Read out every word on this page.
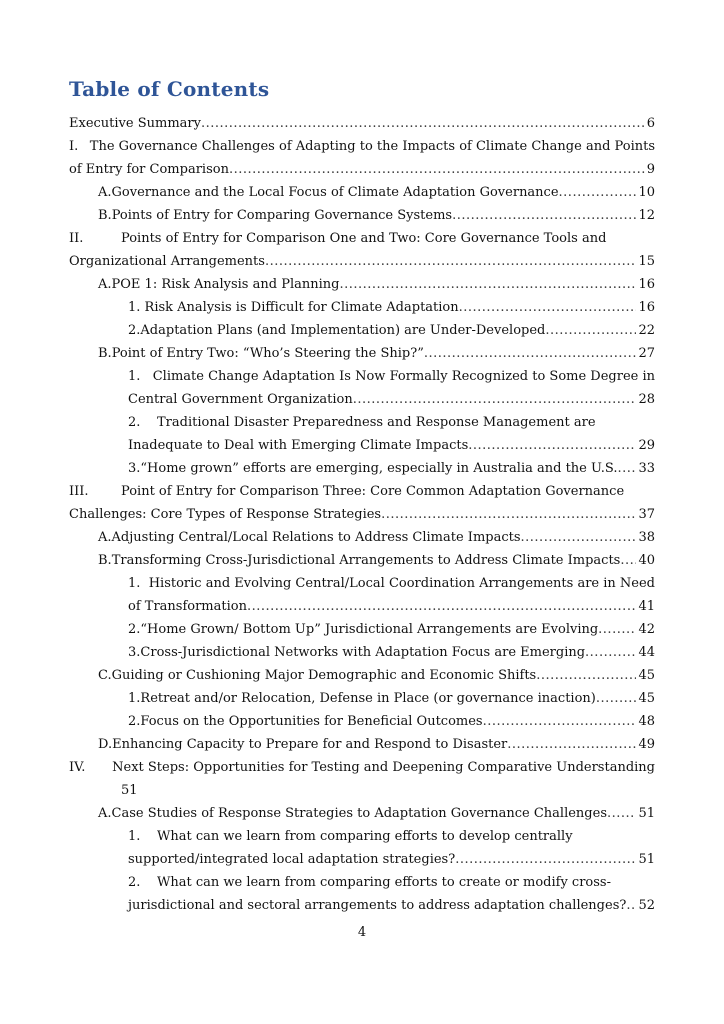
Table of Contents
Executive Summary .....	6
I. The Governance Challenges of Adapting to the Impacts of Climate Change and Points
of Entry for Comparison .....	9
A. Governance and the Local Focus of Climate Adaptation Governance .....	10
B. Points of Entry for Comparing Governance Systems .....	12
II.	Points of Entry for Comparison One and Two: Core Governance Tools and
Organizational Arrangements .....	15
A. POE 1: Risk Analysis and Planning .....	16
1. Risk Analysis is Difficult for Climate Adaptation .....	16
2. Adaptation Plans (and Implementation) are Under-Developed .....	22
B. Point of Entry Two: “Who’s Steering the Ship?” .....	27
1. Climate Change Adaptation Is Now Formally Recognized to Some Degree in
Central Government Organization .....	28
2.	Traditional Disaster Preparedness and Response Management are
Inadequate to Deal with Emerging Climate Impacts .....	29
3. “Home grown” efforts are emerging, especially in Australia and the U.S. ..... 33
III.	Point of Entry for Comparison Three: Core Common Adaptation Governance
Challenges: Core Types of Response Strategies .....	37
A. Adjusting Central/Local Relations to Address Climate Impacts .....	38
B. Transforming Cross-Jurisdictional Arrangements to Address Climate Impacts ..... 40
1. Historic and Evolving Central/Local Coordination Arrangements are in Need
of Transformation .....	41
2. “Home Grown/ Bottom Up” Jurisdictional Arrangements are Evolving .....	42
3. Cross-Jurisdictional Networks with Adaptation Focus are Emerging .....	44
C. Guiding or Cushioning Major Demographic and Economic Shifts .....	45
1. Retreat and/or Relocation, Defense in Place (or governance inaction) .....	45
2. Focus on the Opportunities for Beneficial Outcomes .....	48
D. Enhancing Capacity to Prepare for and Respond to Disaster .....	49
IV.	Next Steps: Opportunities for Testing and Deepening Comparative Understanding
51
A. Case Studies of Response Strategies to Adaptation Governance Challenges ..... 51
1.	What can we learn from comparing efforts to develop centrally
supported/integrated local adaptation strategies? .....	51
2.	What can we learn from comparing efforts to create or modify cross-
jurisdictional and sectoral arrangements to address adaptation challenges? ..... 52
4
